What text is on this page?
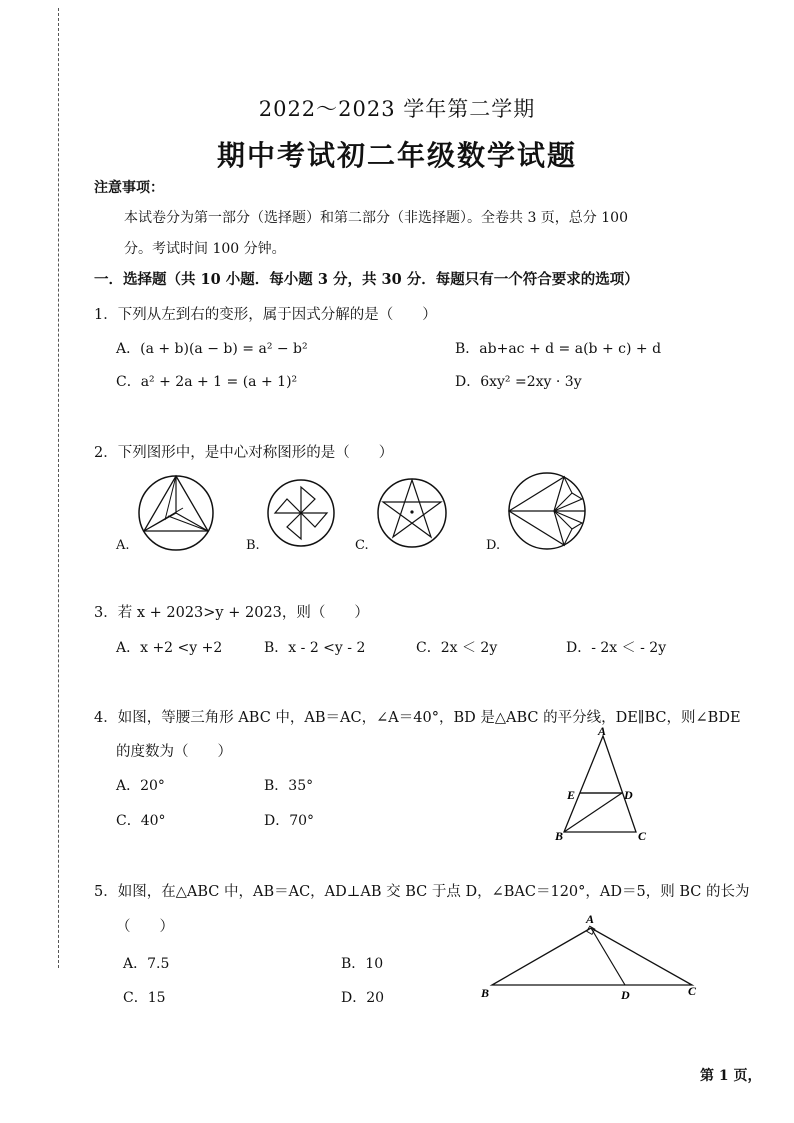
2022～2023 学年第二学期
期中考试初二年级数学试题
注意事项：
本试卷分为第一部分（选择题）和第二部分（非选择题）。全卷共 3 页，总分 100
分。考试时间 100 分钟。
一．选择题（共 10 小题．每小题 3 分，共 30 分．每题只有一个符合要求的选项）
1．下列从左到右的变形，属于因式分解的是（　　）
A．(a + b)(a − b) = a² − b²	B．ab+ac + d = a(b + c) + d
C．a² + 2a + 1 = (a + 1)²	D．6xy² =2xy · 3y
2．下列图形中，是中心对称图形的是（　　）
A.	B.	C.	D.
3．若 x + 2023>y + 2023，则（　　）
A．x +2 <y +2	B．x - 2 <y - 2	C．2x ＜ 2y	D．- 2x ＜ - 2y
4．如图，等腰三角形 ABC 中，AB＝AC，∠A＝40°，BD 是△ABC 的平分线，DE∥BC，则∠BDE
的度数为（　　）
A．20°	B．35°
C．40°	D．70°
A
E	D
B	C
5．如图，在△ABC 中，AB＝AC，AD⊥AB 交 BC 于点 D，∠BAC＝120°，AD＝5，则 BC 的长为
（　　）
A．7.5	B．10
C．15	D．20
A
B	D	C
第 1 页，
